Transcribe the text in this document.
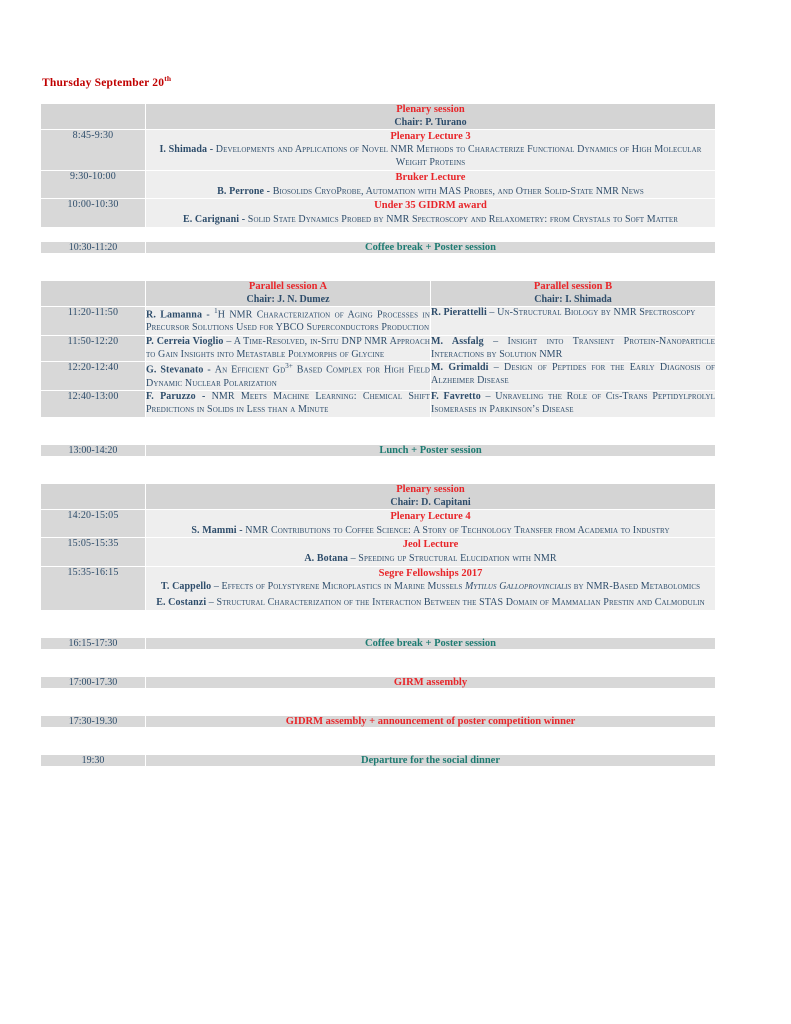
Thursday September 20th

	Plenary session
Chair: P. Turano

8:45-9:30	Plenary Lecture 3
I. Shimada - Developments and Applications of Novel NMR Methods to Characterize Functional Dynamics of High Molecular Weight Proteins

9:30-10:00	Bruker Lecture
B. Perrone - Biosolids CryoProbe, Automation with MAS Probes, and Other Solid-State NMR News

10:00-10:30	Under 35 GIDRM award
E. Carignani - Solid State Dynamics Probed by NMR Spectroscopy and Relaxometry: from Crystals to Soft Matter
10:30-11:20	Coffee break + Poster session

Parallel session A
Chair: J. N. Dumez

Parallel session B
Chair: I. Shimada

11:20-11:50	R. Lamanna - $^1$H NMR Characterization of Aging Processes in Precursor Solutions Used for YBCO Superconductors Production	R. Pierattelli – Un-Structural Biology by NMR Spectroscopy

11:50-12:20	P. Cerreia Vioglio – A Time-Resolved, in-Situ DNP NMR Approach to Gain Insights into Metastable Polymorphs of Glycine	M. Assfalg – Insight into Transient Protein-Nanoparticle Interactions by Solution NMR

12:20-12:40	G. Stevanato - An Efficient $Gd^{3+}$ Based Complex for High Field Dynamic Nuclear Polarization	M. Grimaldi – Design of Peptides for the Early Diagnosis of Alzheimer Disease

12:40-13:00	F. Paruzzo - NMR Meets Machine Learning: Chemical Shift Predictions in Solids in Less than a Minute	F. Favretto – Unraveling the Role of Cis-Trans Peptidylprolyl Isomerases in Parkinson’s Disease
13:00-14:20	Lunch + Poster session

	Plenary session
Chair: D. Capitani

14:20-15:05	Plenary Lecture 4
S. Mammi - NMR Contributions to Coffee Science: A Story of Technology Transfer from Academia to Industry

15:05-15:35	Jeol Lecture
A. Botana – Speeding up Structural Elucidation with NMR

15:35-16:15	Segre Fellowships 2017
T. Cappello – Effects of Polystyrene Microplastics in Marine Mussels Mytilus Galloprovincialis by NMR-Based Metabolomics
E. Costanzi – Structural Characterization of the Interaction Between the STAS Domain of Mammalian Prestin and Calmodulin
16:15-17:30	Coffee break + Poster session
17:00-17.30	GIRM assembly
17:30-19.30	GIDRM assembly + announcement of poster competition winner
19:30	Departure for the social dinner
